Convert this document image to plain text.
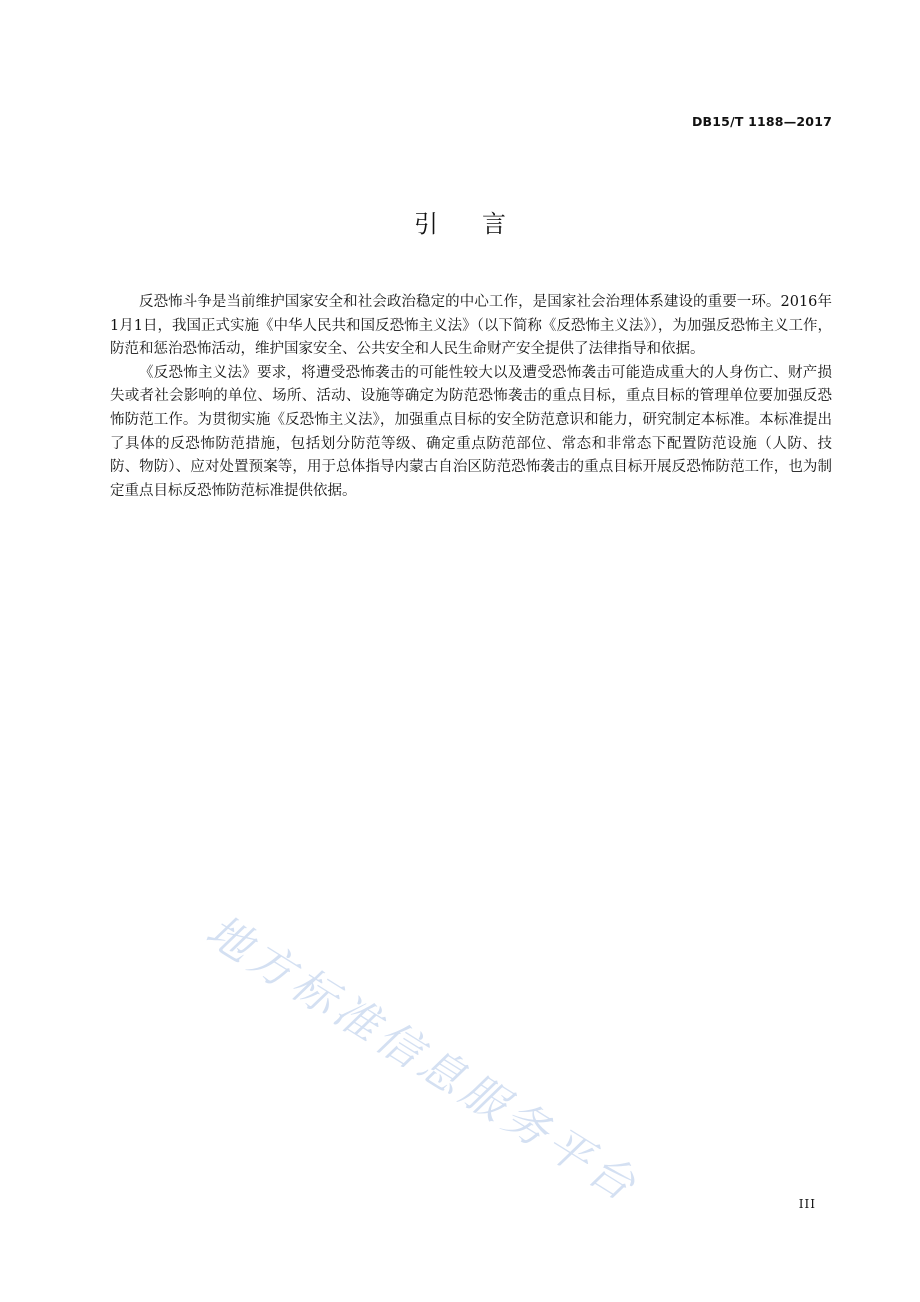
DB15/T 1188—2017
引言

反恐怖斗争是当前维护国家安全和社会政治稳定的中心工作，是国家社会治理体系建设的重要一环。2016年1月1日，我国正式实施《中华人民共和国反恐怖主义法》（以下简称《反恐怖主义法》），为加强反恐怖主义工作，防范和惩治恐怖活动，维护国家安全、公共安全和人民生命财产安全提供了法律指导和依据。

《反恐怖主义法》要求，将遭受恐怖袭击的可能性较大以及遭受恐怖袭击可能造成重大的人身伤亡、财产损失或者社会影响的单位、场所、活动、设施等确定为防范恐怖袭击的重点目标，重点目标的管理单位要加强反恐怖防范工作。为贯彻实施《反恐怖主义法》，加强重点目标的安全防范意识和能力，研究制定本标准。本标准提出了具体的反恐怖防范措施，包括划分防范等级、确定重点防范部位、常态和非常态下配置防范设施（人防、技防、物防）、应对处置预案等，用于总体指导内蒙古自治区防范恐怖袭击的重点目标开展反恐怖防范工作，也为制定重点目标反恐怖防范标准提供依据。

地方标准信息服务平台	III
